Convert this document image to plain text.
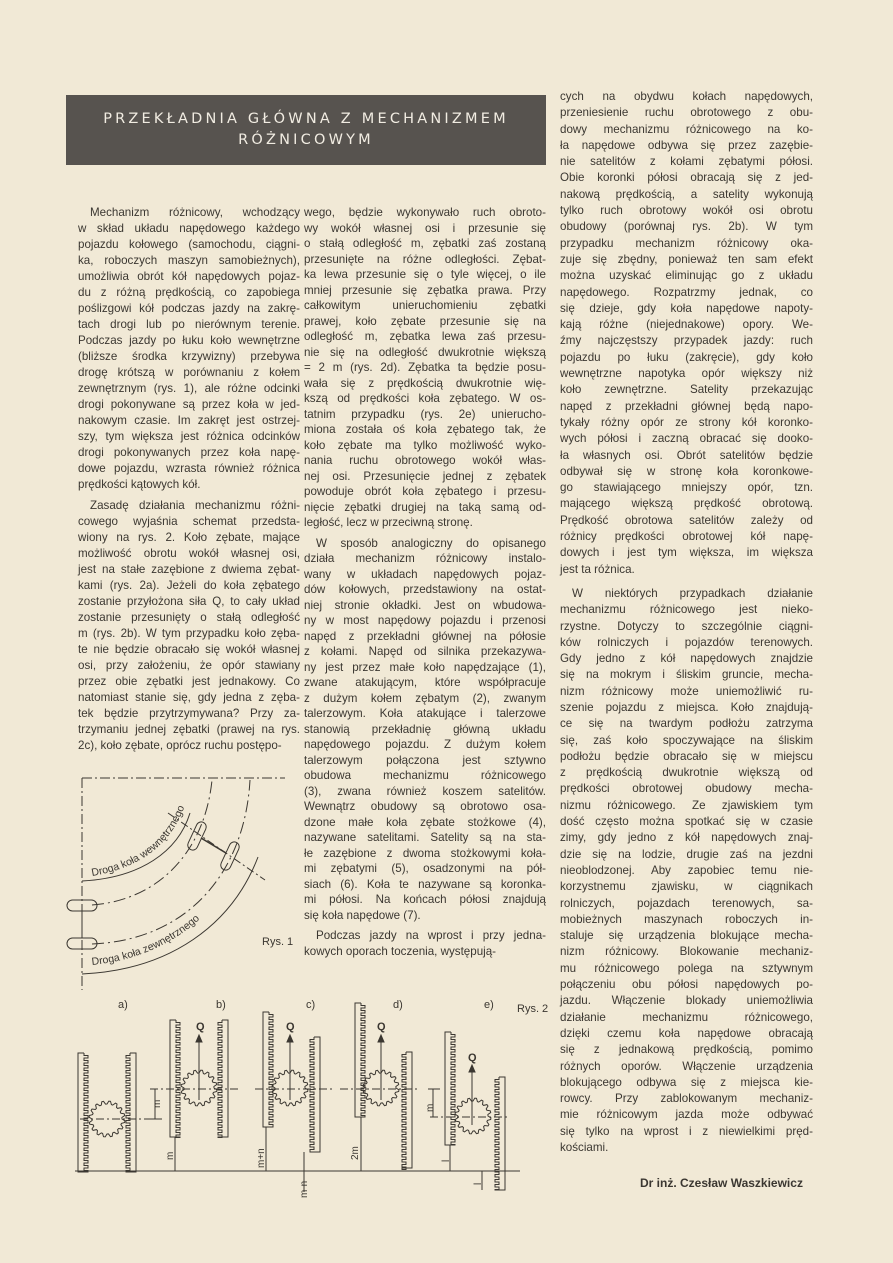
PRZEKŁADNIA GŁÓWNA Z MECHANIZMEM
RÓŻNICOWYM
Mechanizm różnicowy, wchodzący
w skład układu napędowego każdego
pojazdu kołowego (samochodu, ciągni-
ka, roboczych maszyn samobieżnych),
umożliwia obrót kół napędowych pojaz-
du z różną prędkością, co zapobiega
poślizgowi kół podczas jazdy na zakrę-
tach drogi lub po nierównym terenie.
Podczas jazdy po łuku koło wewnętrzne
(bliższe środka krzywizny) przebywa
drogę krótszą w porównaniu z kołem
zewnętrznym (rys. 1), ale różne odcinki
drogi pokonywane są przez koła w jed-
nakowym czasie. Im zakręt jest ostrzej-
szy, tym większa jest różnica odcinków
drogi pokonywanych przez koła napę-
dowe pojazdu, wzrasta również różnica
prędkości kątowych kół.
Zasadę działania mechanizmu różni-
cowego wyjaśnia schemat przedsta-
wiony na rys. 2. Koło zębate, mające
możliwość obrotu wokół własnej osi,
jest na stałe zazębione z dwiema zębat-
kami (rys. 2a). Jeżeli do koła zębatego
zostanie przyłożona siła Q, to cały układ
zostanie przesunięty o stałą odległość
m (rys. 2b). W tym przypadku koło zęba-
te nie będzie obracało się wokół własnej
osi, przy założeniu, że opór stawiany
przez obie zębatki jest jednakowy. Co
natomiast stanie się, gdy jedna z zęba-
tek będzie przytrzymywana? Przy za-
trzymaniu jednej zębatki (prawej na rys.
2c), koło zębate, oprócz ruchu postępo-
wego, będzie wykonywało ruch obroto-
wy wokół własnej osi i przesunie się
o stałą odległość m, zębatki zaś zostaną
przesunięte na różne odległości. Zębat-
ka lewa przesunie się o tyle więcej, o ile
mniej przesunie się zębatka prawa. Przy
całkowitym unieruchomieniu zębatki
prawej, koło zębate przesunie się na
odległość m, zębatka lewa zaś przesu-
nie się na odległość dwukrotnie większą
= 2 m (rys. 2d). Zębatka ta będzie posu-
wała się z prędkością dwukrotnie wię-
kszą od prędkości koła zębatego. W os-
tatnim przypadku (rys. 2e) unierucho-
miona została oś koła zębatego tak, że
koło zębate ma tylko możliwość wyko-
nania ruchu obrotowego wokół włas-
nej osi. Przesunięcie jednej z zębatek
powoduje obrót koła zębatego i przesu-
nięcie zębatki drugiej na taką samą od-
ległość, lecz w przeciwną stronę.
W sposób analogiczny do opisanego
działa mechanizm różnicowy instalo-
wany w układach napędowych pojaz-
dów kołowych, przedstawiony na ostat-
niej stronie okładki. Jest on wbudowa-
ny w most napędowy pojazdu i przenosi
napęd z przekładni głównej na półosie
z kołami. Napęd od silnika przekazywa-
ny jest przez małe koło napędzające (1),
zwane atakującym, które współpracuje
z dużym kołem zębatym (2), zwanym
talerzowym. Koła atakujące i talerzowe
stanowią przekładnię główną układu
napędowego pojazdu. Z dużym kołem
talerzowym połączona jest sztywno
obudowa mechanizmu różnicowego
(3), zwana również koszem satelitów.
Wewnątrz obudowy są obrotowo osa-
dzone małe koła zębate stożkowe (4),
nazywane satelitami. Satelity są na sta-
łe zazębione z dwoma stożkowymi koła-
mi zębatymi (5), osadzonymi na pół-
siach (6). Koła te nazywane są koronka-
mi półosi. Na końcach półosi znajdują
się koła napędowe (7).
Podczas jazdy na wprost i przy jedna-
kowych oporach toczenia, występują-
cych na obydwu kołach napędowych,
przeniesienie ruchu obrotowego z obu-
dowy mechanizmu różnicowego na ko-
ła napędowe odbywa się przez zazębie-
nie satelitów z kołami zębatymi półosi.
Obie koronki półosi obracają się z jed-
nakową prędkością, a satelity wykonują
tylko ruch obrotowy wokół osi obrotu
obudowy (porównaj rys. 2b). W tym
przypadku mechanizm różnicowy oka-
zuje się zbędny, ponieważ ten sam efekt
można uzyskać eliminując go z układu
napędowego. Rozpatrzmy jednak, co
się dzieje, gdy koła napędowe napoty-
kają różne (niejednakowe) opory. We-
źmy najczęstszy przypadek jazdy: ruch
pojazdu po łuku (zakręcie), gdy koło
wewnętrzne napotyka opór większy niż
koło zewnętrzne. Satelity przekazując
napęd z przekładni głównej będą napo-
tykały różny opór ze strony kół koronko-
wych półosi i zaczną obracać się dooko-
ła własnych osi. Obrót satelitów będzie
odbywał się w stronę koła koronkowe-
go stawiającego mniejszy opór, tzn.
mającego większą prędkość obrotową.
Prędkość obrotowa satelitów zależy od
różnicy prędkości obrotowej kół napę-
dowych i jest tym większa, im większa
jest ta różnica.
W niektórych przypadkach działanie
mechanizmu różnicowego jest nieko-
rzystne. Dotyczy to szczególnie ciągni-
ków rolniczych i pojazdów terenowych.
Gdy jedno z kół napędowych znajdzie
się na mokrym i śliskim gruncie, mecha-
nizm różnicowy może uniemożliwić ru-
szenie pojazdu z miejsca. Koło znajdują-
ce się na twardym podłożu zatrzyma
się, zaś koło spoczywające na śliskim
podłożu będzie obracało się w miejscu
z prędkością dwukrotnie większą od
prędkości obrotowej obudowy mecha-
nizmu różnicowego. Ze zjawiskiem tym
dość często można spotkać się w czasie
zimy, gdy jedno z kół napędowych znaj-
dzie się na lodzie, drugie zaś na jezdni
nieoblodzonej. Aby zapobiec temu nie-
korzystnemu zjawisku, w ciągnikach
rolniczych, pojazdach terenowych, sa-
mobieżnych maszynach roboczych in-
staluje się urządzenia blokujące mecha-
nizm różnicowy. Blokowanie mechaniz-
mu różnicowego polega na sztywnym
połączeniu obu półosi napędowych po-
jazdu. Włączenie blokady uniemożliwia
działanie mechanizmu różnicowego,
dzięki czemu koła napędowe obracają
się z jednakową prędkością, pomimo
różnych oporów. Włączenie urządzenia
blokującego odbywa się z miejsca kie-
rowcy. Przy zablokowanym mechaniz-
mie różnicowym jazda może odbywać
się tylko na wprost i z niewielkimi pręd-
kościami.
Dr inż. Czesław Waszkiewicz
Droga koła wewnętrznego
Droga koła zewnętrznego
Rys. 1
a)	b)	c)	d)	e) Rys. 2
Q	Q	Q
Q
m
m	m+n
m-n
2m
m
l
l
